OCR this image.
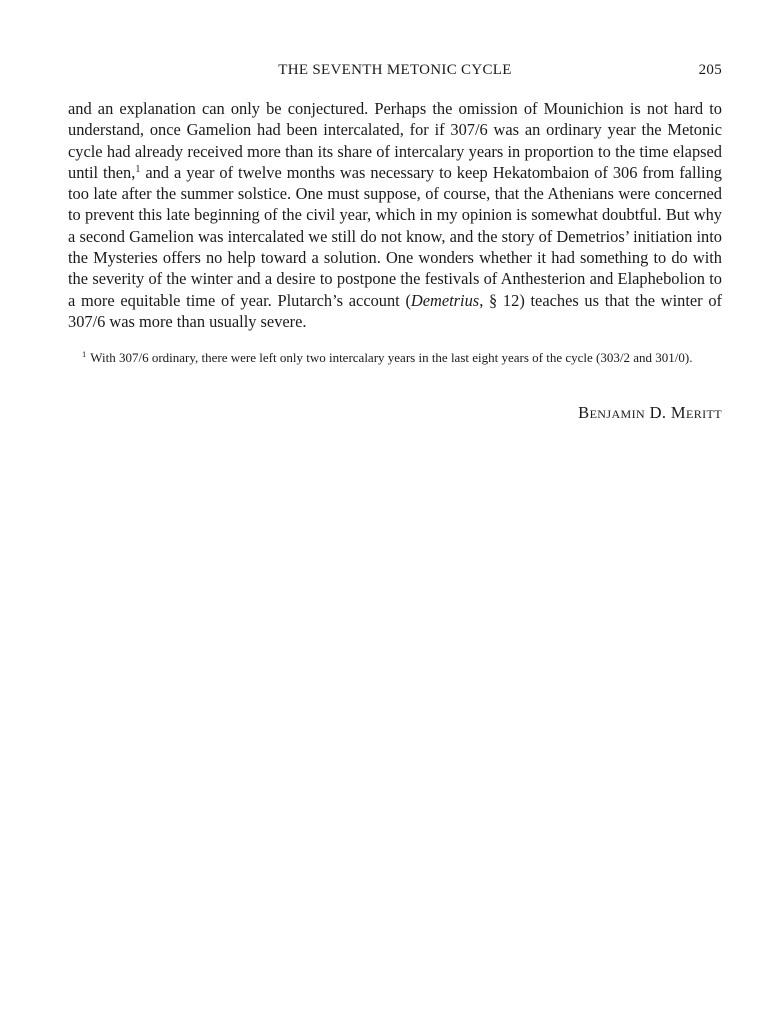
THE SEVENTH METONIC CYCLE	205

and an explanation can only be conjectured. Perhaps the omission of Mounichion is not hard to understand, once Gamelion had been intercalated, for if 307/6 was an ordinary year the Metonic cycle had already received more than its share of intercalary years in proportion to the time elapsed until then,$^1$ and a year of twelve months was necessary to keep Hekatombaion of 306 from falling too late after the summer solstice. One must suppose, of course, that the Athenians were concerned to prevent this late beginning of the civil year, which in my opinion is somewhat doubtful. But why a second Gamelion was intercalated we still do not know, and the story of Demetrios’ initiation into the Mysteries offers no help toward a solution. One wonders whether it had something to do with the severity of the winter and a desire to postpone the festivals of Anthesterion and Elaphebolion to a more equitable time of year. Plutarch’s account (Demetrius, § 12) teaches us that the winter of 307/6 was more than usually severe.

$^1$ With 307/6 ordinary, there were left only two intercalary years in the last eight years of the cycle (303/2 and 301/0).

Benjamin D. Meritt
